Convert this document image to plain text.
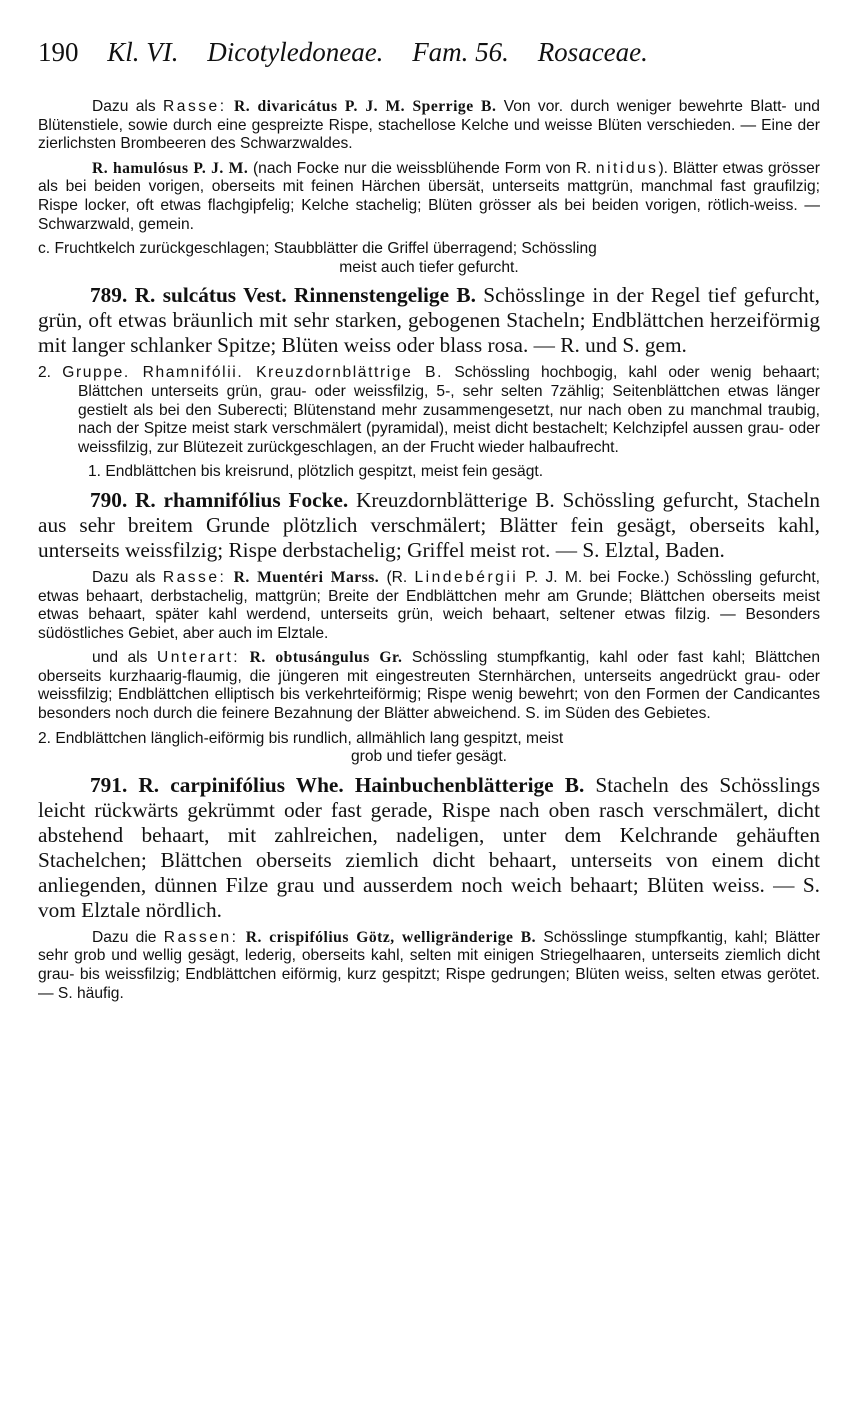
190 Kl. VI. Dicotyledoneae. Fam. 56. Rosaceae.

Dazu als Rasse: R. divaricátus P. J. M. Sperrige B. Von vor. durch weniger bewehrte Blatt- und Blütenstiele, sowie durch eine gespreizte Rispe, stachellose Kelche und weisse Blüten verschieden. — Eine der zierlichsten Brombeeren des Schwarzwaldes.

R. hamulósus P. J. M. (nach Focke nur die weissblühende Form von R. nitidus). Blätter etwas grösser als bei beiden vorigen, oberseits mit feinen Härchen übersät, unterseits mattgrün, manchmal fast graufilzig; Rispe locker, oft etwas flachgipfelig; Kelche stachelig; Blüten grösser als bei beiden vorigen, rötlich-weiss. — Schwarzwald, gemein.

c. Fruchtkelch zurückgeschlagen; Staubblätter die Griffel überragend; Schössling

meist auch tiefer gefurcht.

789. R. sulcátus Vest. Rinnenstengelige B. Schösslinge in der Regel tief gefurcht, grün, oft etwas bräunlich mit sehr starken, gebogenen Stacheln; Endblättchen herzeiförmig mit langer schlanker Spitze; Blüten weiss oder blass rosa. — R. und S. gem.

2. Gruppe. Rhamnifólii. Kreuzdornblättrige B. Schössling hochbogig, kahl oder wenig behaart; Blättchen unterseits grün, grau- oder weissfilzig, 5-, sehr selten 7zählig; Seitenblättchen etwas länger gestielt als bei den Suberecti; Blütenstand mehr zusammengesetzt, nur nach oben zu manchmal traubig, nach der Spitze meist stark verschmälert (pyramidal), meist dicht bestachelt; Kelchzipfel aussen grau- oder weissfilzig, zur Blütezeit zurückgeschlagen, an der Frucht wieder halbaufrecht.

1. Endblättchen bis kreisrund, plötzlich gespitzt, meist fein gesägt.

790. R. rhamnifólius Focke. Kreuzdornblätterige B. Schössling gefurcht, Stacheln aus sehr breitem Grunde plötzlich verschmälert; Blätter fein gesägt, oberseits kahl, unterseits weissfilzig; Rispe derbstachelig; Griffel meist rot. — S. Elztal, Baden.

Dazu als Rasse: R. Muentéri Marss. (R. Lindebérgii P. J. M. bei Focke.) Schössling gefurcht, etwas behaart, derbstachelig, mattgrün; Breite der Endblättchen mehr am Grunde; Blättchen oberseits meist etwas behaart, später kahl werdend, unterseits grün, weich behaart, seltener etwas filzig. — Besonders südöstliches Gebiet, aber auch im Elztale.

und als Unterart: R. obtusángulus Gr. Schössling stumpfkantig, kahl oder fast kahl; Blättchen oberseits kurzhaarig-flaumig, die jüngeren mit eingestreuten Sternhärchen, unterseits angedrückt grau- oder weissfilzig; Endblättchen elliptisch bis verkehrteiförmig; Rispe wenig bewehrt; von den Formen der Candicantes besonders noch durch die feinere Bezahnung der Blätter abweichend. S. im Süden des Gebietes.

2. Endblättchen länglich-eiförmig bis rundlich, allmählich lang gespitzt, meist

grob und tiefer gesägt.

791. R. carpinifólius Whe. Hainbuchenblätterige B. Stacheln des Schösslings leicht rückwärts gekrümmt oder fast gerade, Rispe nach oben rasch verschmälert, dicht abstehend behaart, mit zahlreichen, nadeligen, unter dem Kelchrande gehäuften Stachelchen; Blättchen oberseits ziemlich dicht behaart, unterseits von einem dicht anliegenden, dünnen Filze grau und ausserdem noch weich behaart; Blüten weiss. — S. vom Elztale nördlich.

Dazu die Rassen: R. crispifólius Götz, welligränderige B. Schösslinge stumpfkantig, kahl; Blätter sehr grob und wellig gesägt, lederig, oberseits kahl, selten mit einigen Striegelhaaren, unterseits ziemlich dicht grau- bis weissfilzig; Endblättchen eiförmig, kurz gespitzt; Rispe gedrungen; Blüten weiss, selten etwas gerötet. — S. häufig.
